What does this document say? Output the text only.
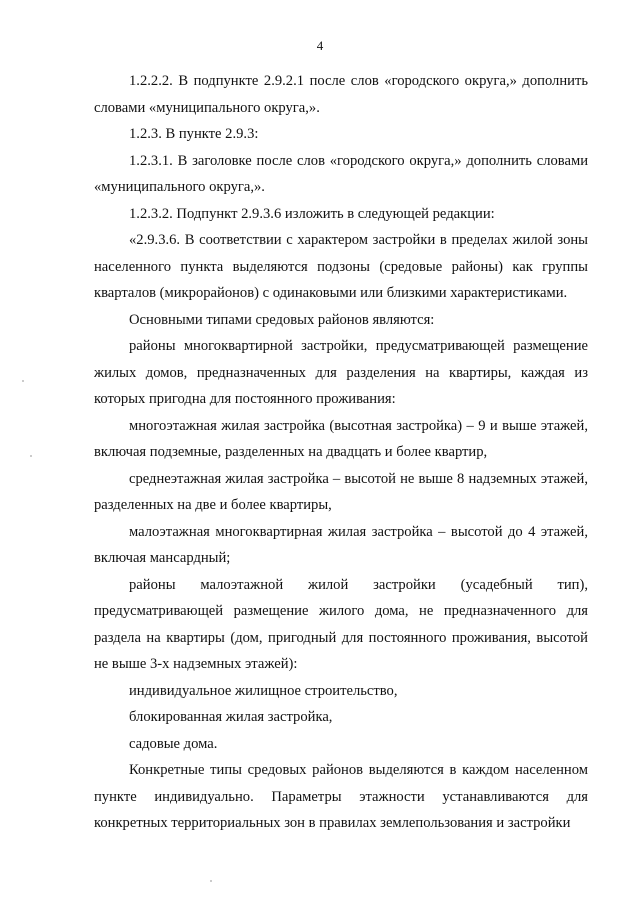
4

1.2.2.2. В подпункте 2.9.2.1 после слов «городского округа,» дополнить словами «муниципального округа,».

1.2.3. В пункте 2.9.3:

1.2.3.1. В заголовке после слов «городского округа,» дополнить словами «муниципального округа,».

1.2.3.2. Подпункт 2.9.3.6 изложить в следующей редакции:

«2.9.3.6. В соответствии с характером застройки в пределах жилой зоны населенного пункта выделяются подзоны (средовые районы) как группы кварталов (микрорайонов) с одинаковыми или близкими характеристиками.

Основными типами средовых районов являются:

районы многоквартирной застройки, предусматривающей размещение жилых домов, предназначенных для разделения на квартиры, каждая из которых пригодна для постоянного проживания:

многоэтажная жилая застройка (высотная застройка) – 9 и выше этажей, включая подземные, разделенных на двадцать и более квартир,

среднеэтажная жилая застройка – высотой не выше 8 надземных этажей, разделенных на две и более квартиры,

малоэтажная многоквартирная жилая застройка – высотой до 4 этажей, включая мансардный;

районы малоэтажной жилой застройки (усадебный тип), предусматривающей размещение жилого дома, не предназначенного для раздела на квартиры (дом, пригодный для постоянного проживания, высотой не выше 3-х надземных этажей):

индивидуальное жилищное строительство,

блокированная жилая застройка,

садовые дома.

Конкретные типы средовых районов выделяются в каждом населенном пункте индивидуально. Параметры этажности устанавливаются для конкретных территориальных зон в правилах землепользования и застройки
